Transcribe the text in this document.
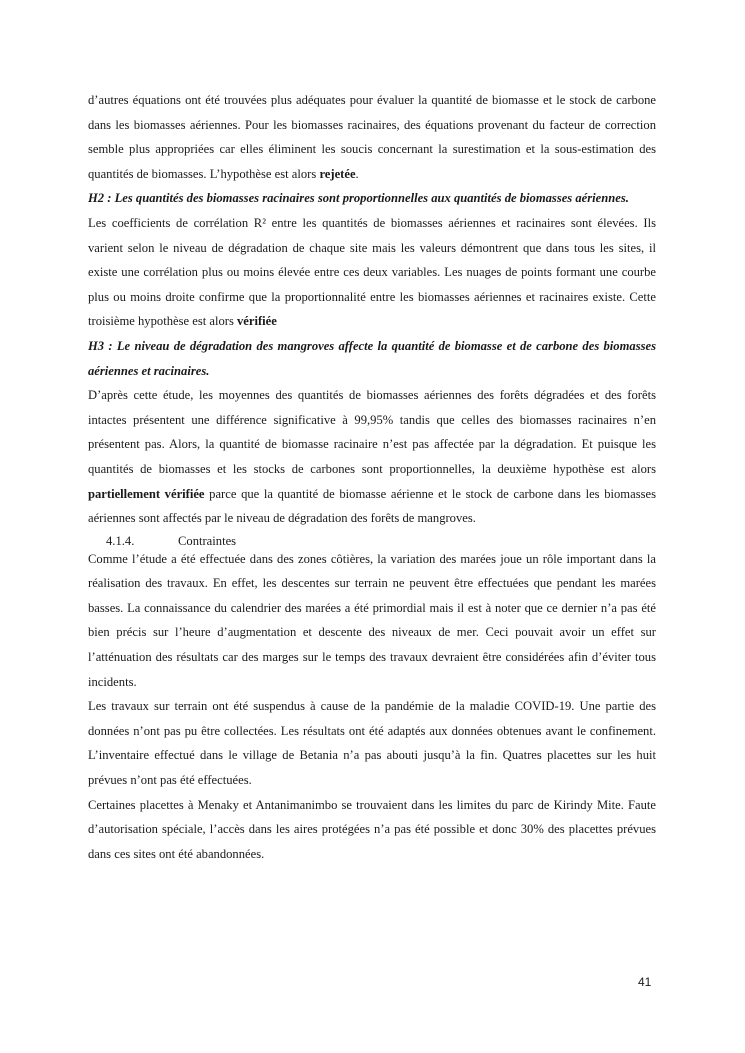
d’autres équations ont été trouvées plus adéquates pour évaluer la quantité de biomasse et le stock de carbone dans les biomasses aériennes. Pour les biomasses racinaires, des équations provenant du facteur de correction semble plus appropriées car elles éliminent les soucis concernant la surestimation et la sous-estimation des quantités de biomasses. L’hypothèse est alors rejetée.

H2 : Les quantités des biomasses racinaires sont proportionnelles aux quantités de biomasses aériennes.

Les coefficients de corrélation R² entre les quantités de biomasses aériennes et racinaires sont élevées. Ils varient selon le niveau de dégradation de chaque site mais les valeurs démontrent que dans tous les sites, il existe une corrélation plus ou moins élevée entre ces deux variables. Les nuages de points formant une courbe plus ou moins droite confirme que la proportionnalité entre les biomasses aériennes et racinaires existe. Cette troisième hypothèse est alors vérifiée

H3 : Le niveau de dégradation des mangroves affecte la quantité de biomasse et de carbone des biomasses aériennes et racinaires.

D’après cette étude, les moyennes des quantités de biomasses aériennes des forêts dégradées et des forêts intactes présentent une différence significative à 99,95% tandis que celles des biomasses racinaires n’en présentent pas. Alors, la quantité de biomasse racinaire n’est pas affectée par la dégradation. Et puisque les quantités de biomasses et les stocks de carbones sont proportionnelles, la deuxième hypothèse est alors partiellement vérifiée parce que la quantité de biomasse aérienne et le stock de carbone dans les biomasses aériennes sont affectés par le niveau de dégradation des forêts de mangroves.

4.1.4.	Contraintes

Comme l’étude a été effectuée dans des zones côtières, la variation des marées joue un rôle important dans la réalisation des travaux. En effet, les descentes sur terrain ne peuvent être effectuées que pendant les marées basses. La connaissance du calendrier des marées a été primordial mais il est à noter que ce dernier n’a pas été bien précis sur l’heure d’augmentation et descente des niveaux de mer. Ceci pouvait avoir un effet sur l’atténuation des résultats car des marges sur le temps des travaux devraient être considérées afin d’éviter tous incidents.

Les travaux sur terrain ont été suspendus à cause de la pandémie de la maladie COVID-19. Une partie des données n’ont pas pu être collectées. Les résultats ont été adaptés aux données obtenues avant le confinement. L’inventaire effectué dans le village de Betania n’a pas abouti jusqu’à la fin. Quatres placettes sur les huit prévues n’ont pas été effectuées.

Certaines placettes à Menaky et Antanimanimbo se trouvaient dans les limites du parc de Kirindy Mite. Faute d’autorisation spéciale, l’accès dans les aires protégées n’a pas été possible et donc 30% des placettes prévues dans ces sites ont été abandonnées.

41
